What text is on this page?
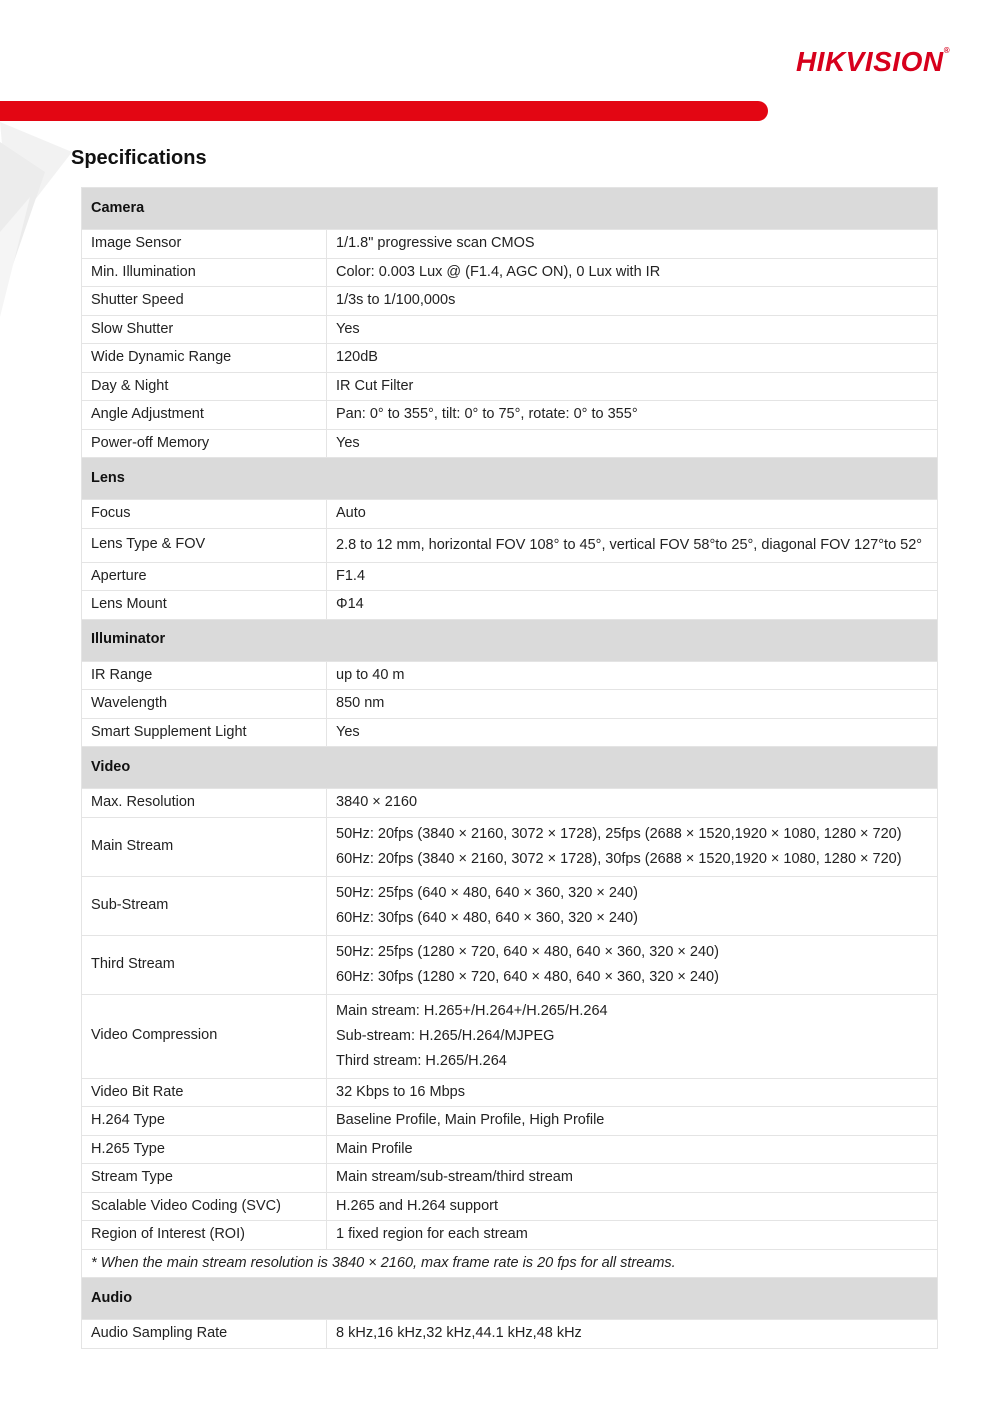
HIKVISION®
Specifications
Camera	
Image Sensor	1/1.8" progressive scan CMOS
Min. Illumination	Color: 0.003 Lux @ (F1.4, AGC ON), 0 Lux with IR
Shutter Speed	1/3s to 1/100,000s
Slow Shutter	Yes
Wide Dynamic Range	120dB
Day & Night	IR Cut Filter
Angle Adjustment	Pan: 0° to 355°, tilt: 0° to 75°, rotate: 0° to 355°
Power-off Memory	Yes
Lens	
Focus	Auto
Lens Type & FOV	2.8 to 12 mm, horizontal FOV 108° to 45°, vertical FOV 58°to 25°, diagonal FOV 127°to 52°
Aperture	F1.4
Lens Mount	Φ14
Illuminator	
IR Range	up to 40 m
Wavelength	850 nm
Smart Supplement Light	Yes
Video	
Max. Resolution	3840 × 2160
Main Stream	50Hz: 20fps (3840 × 2160, 3072 × 1728), 25fps (2688 × 1520,1920 × 1080, 1280 × 720)
60Hz: 20fps (3840 × 2160, 3072 × 1728), 30fps (2688 × 1520,1920 × 1080, 1280 × 720)

Sub-Stream	50Hz: 25fps (640 × 480, 640 × 360, 320 × 240)
60Hz: 30fps (640 × 480, 640 × 360, 320 × 240)

Third Stream	50Hz: 25fps (1280 × 720, 640 × 480, 640 × 360, 320 × 240)
60Hz: 30fps (1280 × 720, 640 × 480, 640 × 360, 320 × 240)

Video Compression	Main stream: H.265+/H.264+/H.265/H.264
Sub-stream: H.265/H.264/MJPEG
Third stream: H.265/H.264

Video Bit Rate	32 Kbps to 16 Mbps
H.264 Type	Baseline Profile, Main Profile, High Profile
H.265 Type	Main Profile
Stream Type	Main stream/sub-stream/third stream
Scalable Video Coding (SVC)	H.265 and H.264 support
Region of Interest (ROI)	1 fixed region for each stream
* When the main stream resolution is 3840 × 2160, max frame rate is 20 fps for all streams.	
Audio	
Audio Sampling Rate	8 kHz,16 kHz,32 kHz,44.1 kHz,48 kHz
